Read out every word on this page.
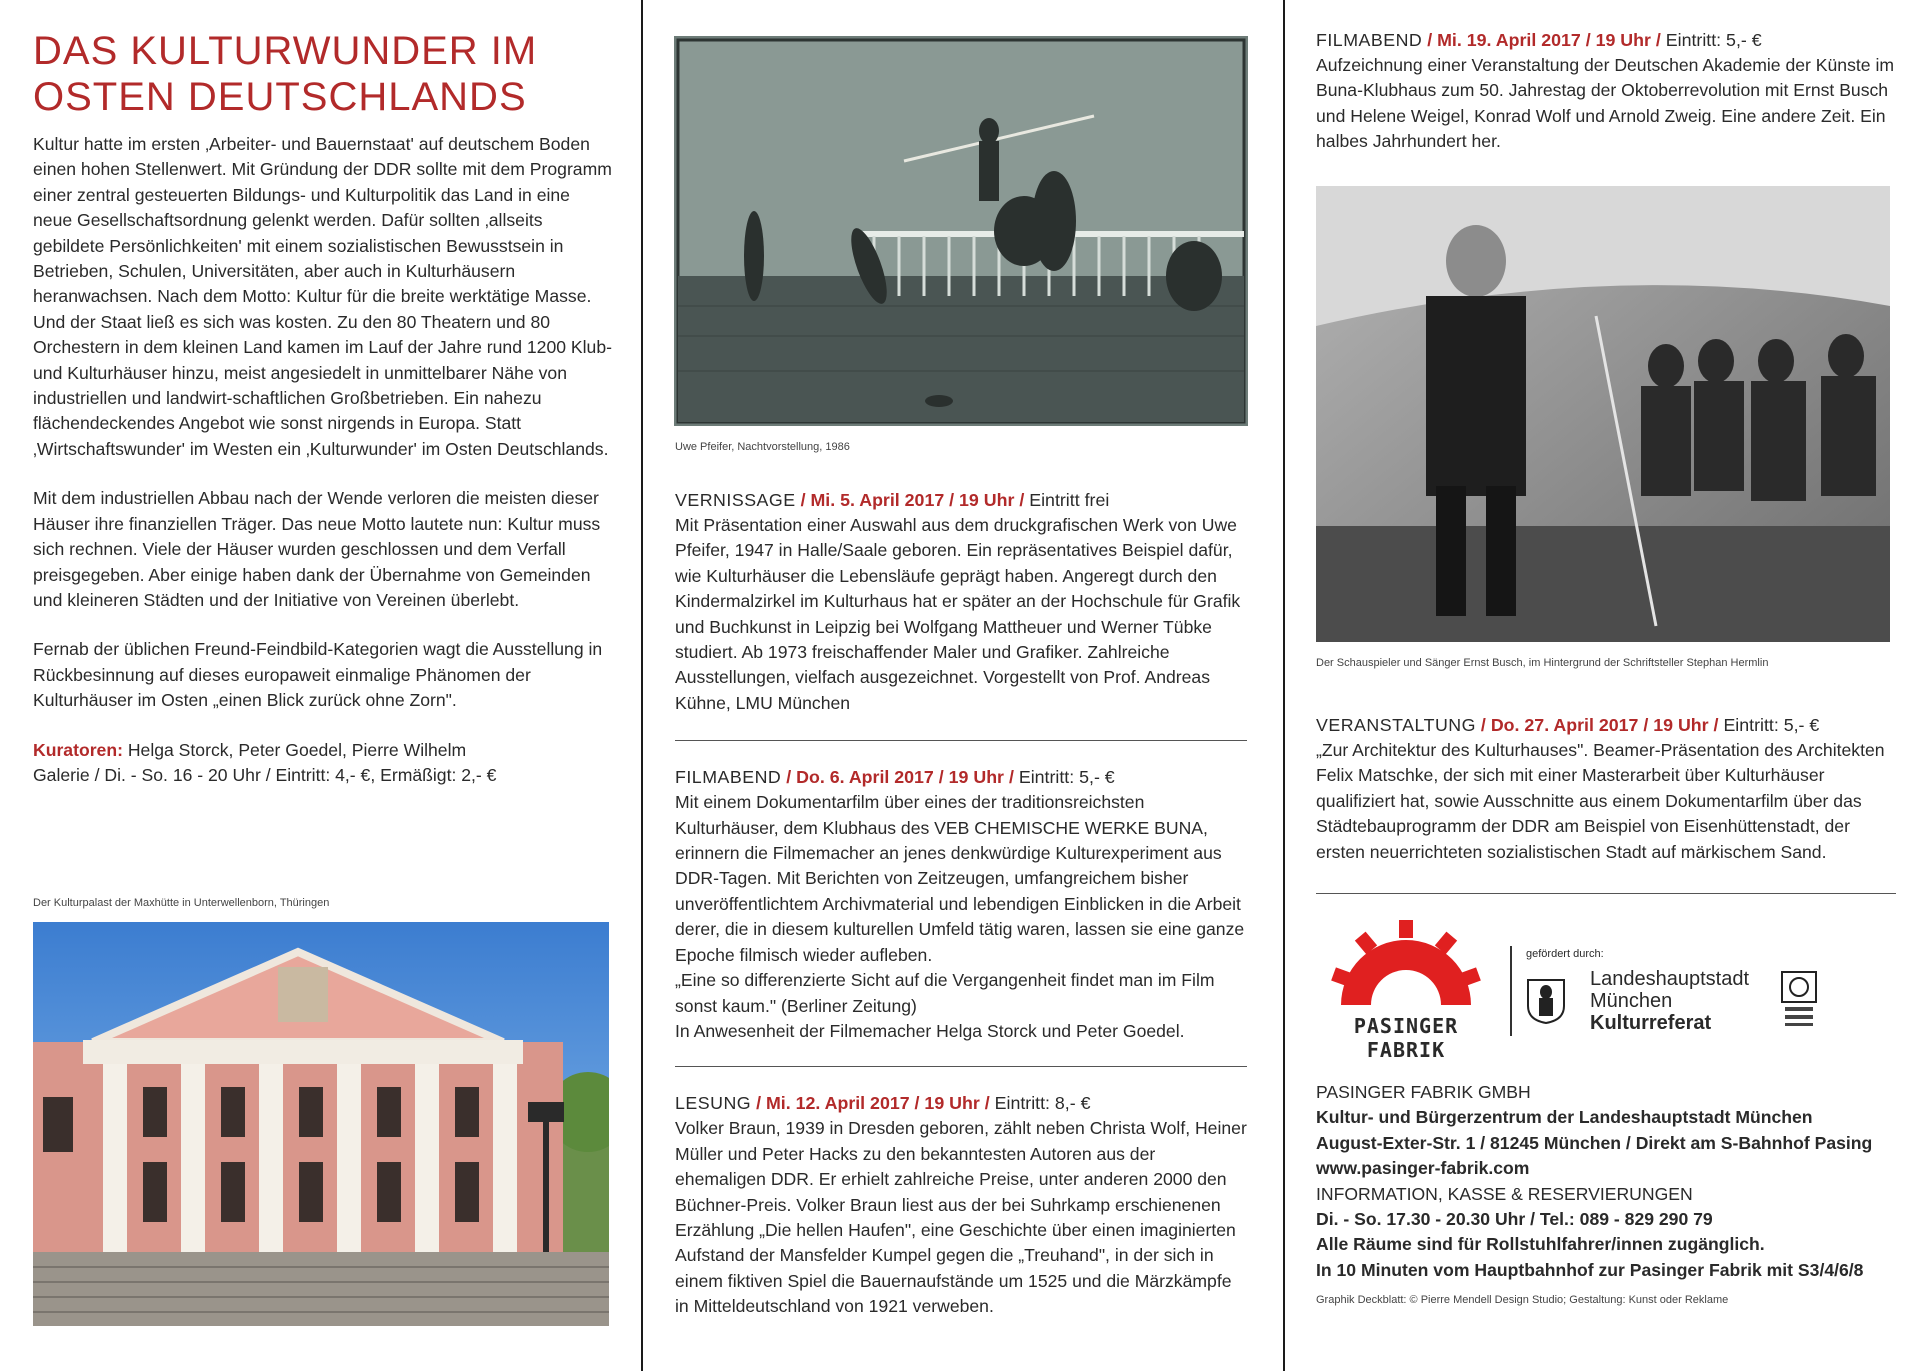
DAS KULTURWUNDER IM
OSTEN DEUTSCHLANDS

Kultur hatte im ersten ‚Arbeiter- und Bauernstaat' auf deutschem Boden einen hohen Stellenwert. Mit Gründung der DDR sollte mit dem Programm einer zentral gesteuerten Bildungs- und Kulturpolitik das Land in eine neue Gesellschaftsordnung gelenkt werden. Dafür sollten ‚allseits gebildete Persönlichkeiten' mit einem sozialistischen Bewusstsein in Betrieben, Schulen, Universitäten, aber auch in Kulturhäusern heranwachsen. Nach dem Motto: Kultur für die breite werktätige Masse. Und der Staat ließ es sich was kosten. Zu den 80 Theatern und 80 Orchestern in dem kleinen Land kamen im Lauf der Jahre rund 1200 Klub- und Kulturhäuser hinzu, meist angesiedelt in unmittelbarer Nähe von industriellen und landwirt-schaftlichen Großbetrieben. Ein nahezu flächendeckendes Angebot wie sonst nirgends in Europa. Statt ‚Wirtschaftswunder' im Westen ein ‚Kulturwunder' im Osten Deutschlands.

Mit dem industriellen Abbau nach der Wende verloren die meisten dieser Häuser ihre finanziellen Träger. Das neue Motto lautete nun: Kultur muss sich rechnen. Viele der Häuser wurden geschlossen und dem Verfall preisgegeben. Aber einige haben dank der Übernahme von Gemeinden und kleineren Städten und der Initiative von Vereinen überlebt.

Fernab der üblichen Freund-Feindbild-Kategorien wagt die Ausstellung in Rückbesinnung auf dieses europaweit einmalige Phänomen der Kulturhäuser im Osten „einen Blick zurück ohne Zorn".

Kuratoren: Helga Storck, Peter Goedel, Pierre Wilhelm
Galerie / Di. - So. 16 - 20 Uhr / Eintritt: 4,- €, Ermäßigt: 2,- €

Der Kulturpalast der Maxhütte in Unterwellenborn, Thüringen

Uwe Pfeifer, Nachtvorstellung, 1986

VERNISSAGE / Mi. 5. April 2017 / 19 Uhr / Eintritt frei
Mit Präsentation einer Auswahl aus dem druckgrafischen Werk von Uwe Pfeifer, 1947 in Halle/Saale geboren. Ein repräsentatives Beispiel dafür, wie Kulturhäuser die Lebensläufe geprägt haben. Angeregt durch den Kindermalzirkel im Kulturhaus hat er später an der Hochschule für Grafik und Buchkunst in Leipzig bei Wolfgang Mattheuer und Werner Tübke studiert. Ab 1973 freischaffender Maler und Grafiker. Zahlreiche Ausstellungen, vielfach ausgezeichnet. Vorgestellt von Prof. Andreas Kühne, LMU München
FILMABEND / Do. 6. April 2017 / 19 Uhr / Eintritt: 5,- €
Mit einem Dokumentarfilm über eines der traditionsreichsten Kulturhäuser, dem Klubhaus des VEB CHEMISCHE WERKE BUNA, erinnern die Filmemacher an jenes denkwürdige Kulturexperiment aus DDR-Tagen. Mit Berichten von Zeitzeugen, umfangreichem bisher unveröffentlichtem Archivmaterial und lebendigen Einblicken in die Arbeit derer, die in diesem kulturellen Umfeld tätig waren, lassen sie eine ganze Epoche filmisch wieder aufleben.
„Eine so differenzierte Sicht auf die Vergangenheit findet man im Film sonst kaum." (Berliner Zeitung)
In Anwesenheit der Filmemacher Helga Storck und Peter Goedel.
LESUNG / Mi. 12. April 2017 / 19 Uhr / Eintritt: 8,- €
Volker Braun, 1939 in Dresden geboren, zählt neben Christa Wolf, Heiner Müller und Peter Hacks zu den bekanntesten Autoren aus der ehemaligen DDR. Er erhielt zahlreiche Preise, unter anderen 2000 den Büchner-Preis. Volker Braun liest aus der bei Suhrkamp erschienenen Erzählung „Die hellen Haufen", eine Geschichte über einen imaginierten Aufstand der Mansfelder Kumpel gegen die „Treuhand", in der sich in einem fiktiven Spiel die Bauernaufstände um 1525 und die Märzkämpfe in Mitteldeutschland von 1921 verweben.
FILMABEND / Mi. 19. April 2017 / 19 Uhr / Eintritt: 5,- €
Aufzeichnung einer Veranstaltung der Deutschen Akademie der Künste im Buna-Klubhaus zum 50. Jahrestag der Oktoberrevolution mit Ernst Busch und Helene Weigel, Konrad Wolf und Arnold Zweig. Eine andere Zeit. Ein halbes Jahrhundert her.

Der Schauspieler und Sänger Ernst Busch, im Hintergrund der Schriftsteller Stephan Hermlin

VERANSTALTUNG / Do. 27. April 2017 / 19 Uhr / Eintritt: 5,- €
„Zur Architektur des Kulturhauses". Beamer-Präsentation des Architekten Felix Matschke, der sich mit einer Masterarbeit über Kulturhäuser qualifiziert hat, sowie Ausschnitte aus einem Dokumentarfilm über das Städtebauprogramm der DDR am Beispiel von Eisenhüttenstadt, der ersten neuerrichteten sozialistischen Stadt auf märkischem Sand.
PASINGER FABRIK
gefördert durch:
Landeshauptstadt
München
Kulturreferat
PASINGER FABRIK GMBH
Kultur- und Bürgerzentrum der Landeshauptstadt München
August-Exter-Str. 1 / 81245 München / Direkt am S-Bahnhof Pasing
www.pasinger-fabrik.com
INFORMATION, KASSE & RESERVIERUNGEN
Di. - So. 17.30 - 20.30 Uhr / Tel.: 089 - 829 290 79
Alle Räume sind für Rollstuhlfahrer/innen zugänglich.
In 10 Minuten vom Hauptbahnhof zur Pasinger Fabrik mit S3/4/6/8
Graphik Deckblatt: © Pierre Mendell Design Studio; Gestaltung: Kunst oder Reklame
